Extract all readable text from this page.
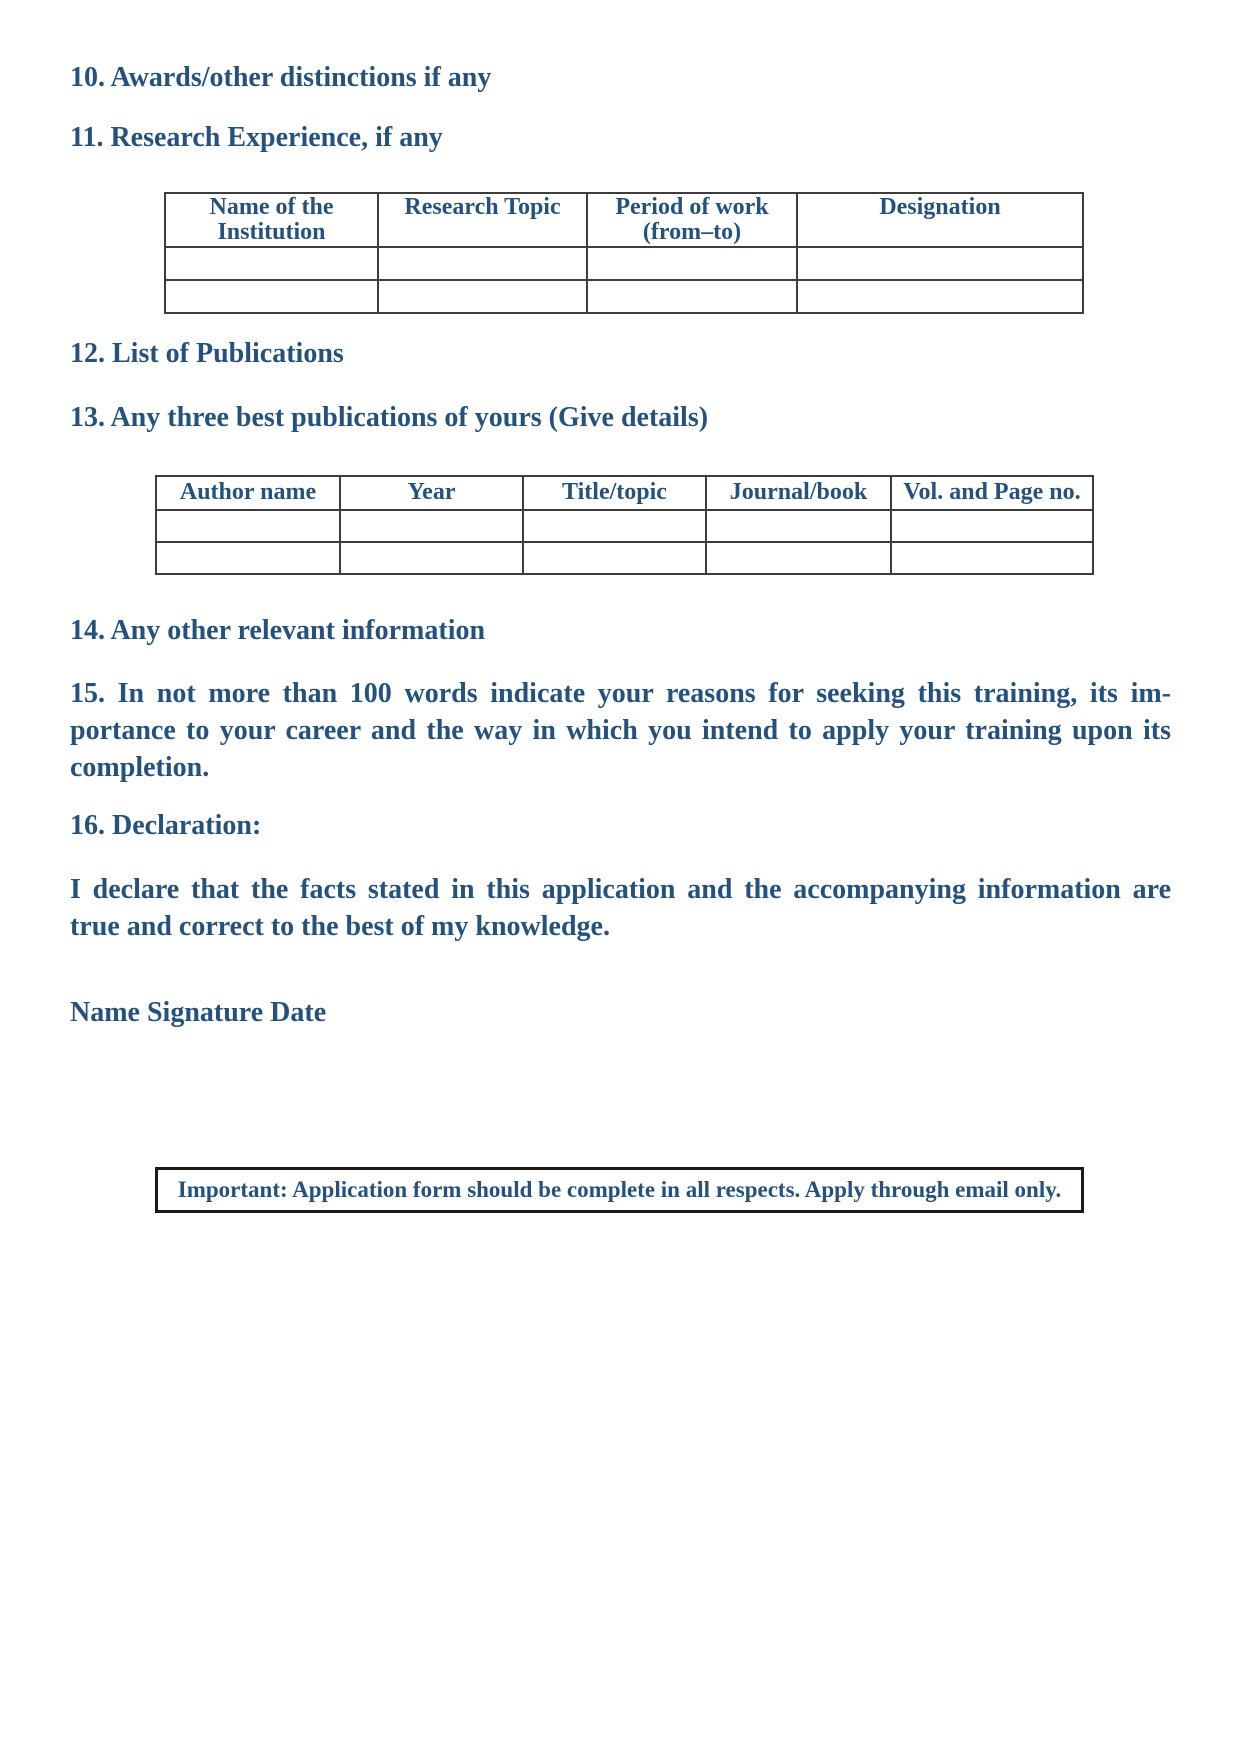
10. Awards/other distinctions if any
11. Research Experience, if any
Name of the Institution	Research Topic	Period of work (from–to)	Designation

12. List of Publications
13. Any three best publications of yours (Give details)
Author name	Year	Title/topic	Journal/book	Vol. and Page no.

14. Any other relevant information
15. In not more than 100 words indicate your reasons for seeking this training, its im-
portance to your career and the way in which you intend to apply your training upon its
completion.
16. Declaration:
I declare that the facts stated in this application and the accompanying information are
true and correct to the best of my knowledge.
Name Signature Date
Important: Application form should be complete in all respects. Apply through email only.
